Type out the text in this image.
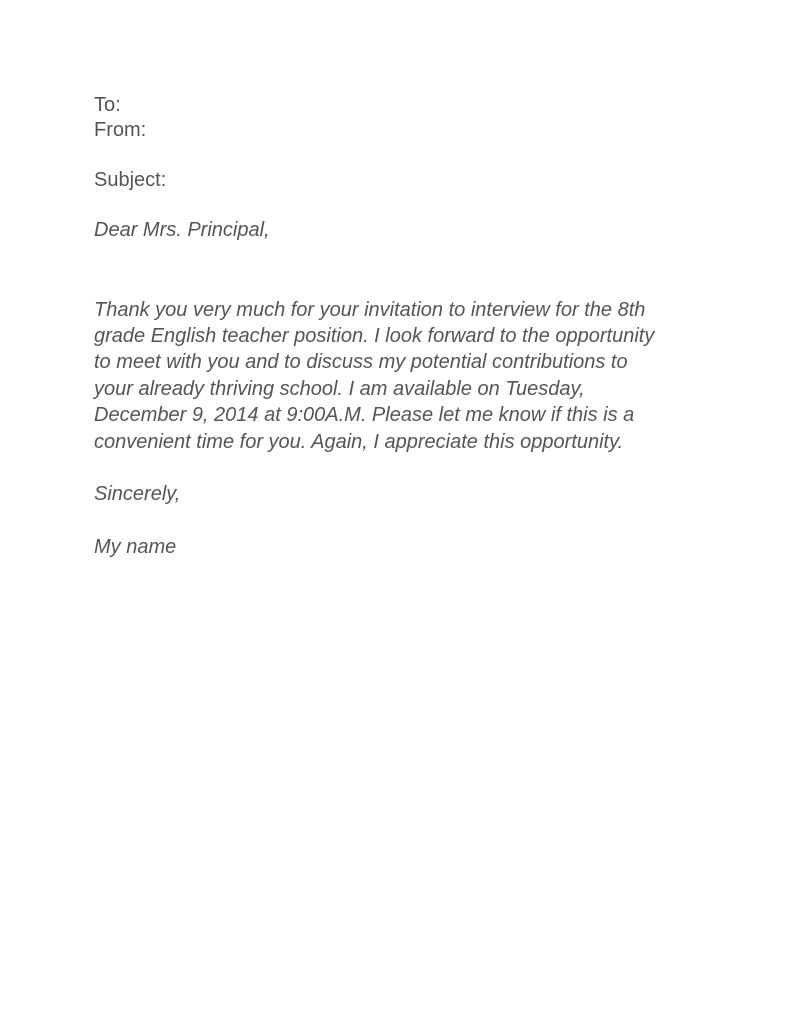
To:
From:
Subject:
Dear Mrs. Principal,
Thank you very much for your invitation to interview for the 8th
grade English teacher position. I look forward to the opportunity
to meet with you and to discuss my potential contributions to
your already thriving school. I am available on Tuesday,
December 9, 2014 at 9:00A.M. Please let me know if this is a
convenient time for you. Again, I appreciate this opportunity.
Sincerely,
My name
